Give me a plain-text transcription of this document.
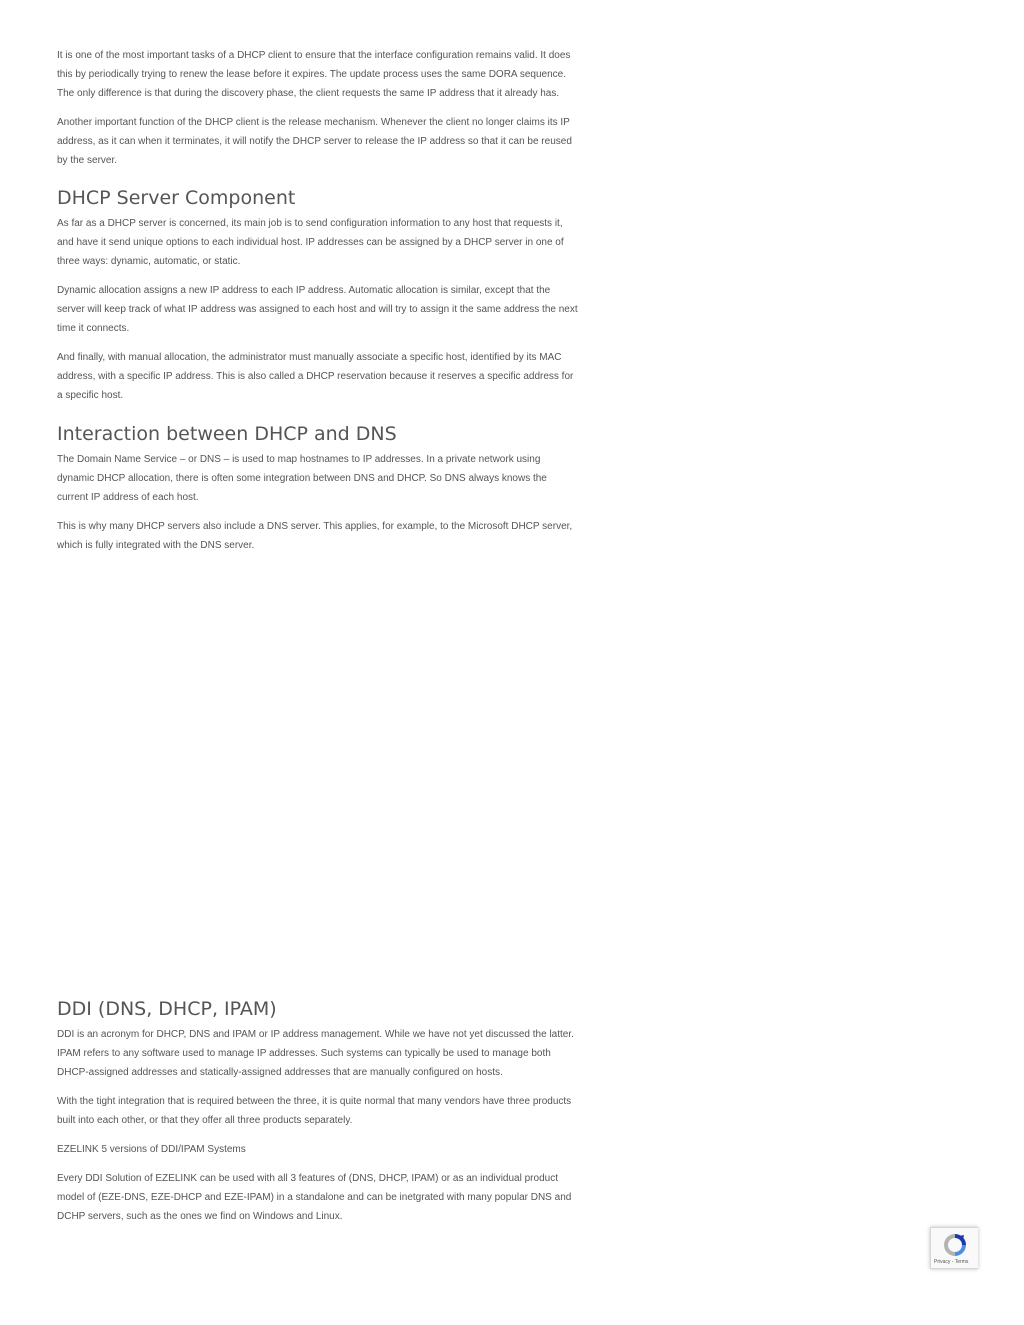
It is one of the most important tasks of a DHCP client to ensure that the interface configuration remains valid. It does this by periodically trying to renew the lease before it expires. The update process uses the same DORA sequence. The only difference is that during the discovery phase, the client requests the same IP address that it already has.

Another important function of the DHCP client is the release mechanism. Whenever the client no longer claims its IP address, as it can when it terminates, it will notify the DHCP server to release the IP address so that it can be reused by the server.

DHCP Server Component

As far as a DHCP server is concerned, its main job is to send configuration information to any host that requests it, and have it send unique options to each individual host. IP addresses can be assigned by a DHCP server in one of three ways: dynamic, automatic, or static.

Dynamic allocation assigns a new IP address to each IP address. Automatic allocation is similar, except that the server will keep track of what IP address was assigned to each host and will try to assign it the same address the next time it connects.

And finally, with manual allocation, the administrator must manually associate a specific host, identified by its MAC address, with a specific IP address. This is also called a DHCP reservation because it reserves a specific address for a specific host.

Interaction between DHCP and DNS

The Domain Name Service – or DNS – is used to map hostnames to IP addresses. In a private network using dynamic DHCP allocation, there is often some integration between DNS and DHCP. So DNS always knows the current IP address of each host.

This is why many DHCP servers also include a DNS server. This applies, for example, to the Microsoft DHCP server, which is fully integrated with the DNS server.

DDI (DNS, DHCP, IPAM)

DDI is an acronym for DHCP, DNS and IPAM or IP address management. While we have not yet discussed the latter. IPAM refers to any software used to manage IP addresses. Such systems can typically be used to manage both DHCP-assigned addresses and statically-assigned addresses that are manually configured on hosts.

With the tight integration that is required between the three, it is quite normal that many vendors have three products built into each other, or that they offer all three products separately.

EZELINK 5 versions of DDI/IPAM Systems

Every DDI Solution of EZELINK can be used with all 3 features of (DNS, DHCP, IPAM) or as an individual product model of (EZE-DNS, EZE-DHCP and EZE-IPAM) in a standalone and can be inetgrated with many popular DNS and DCHP servers, such as the ones we find on Windows and Linux.

Privacy - Terms
